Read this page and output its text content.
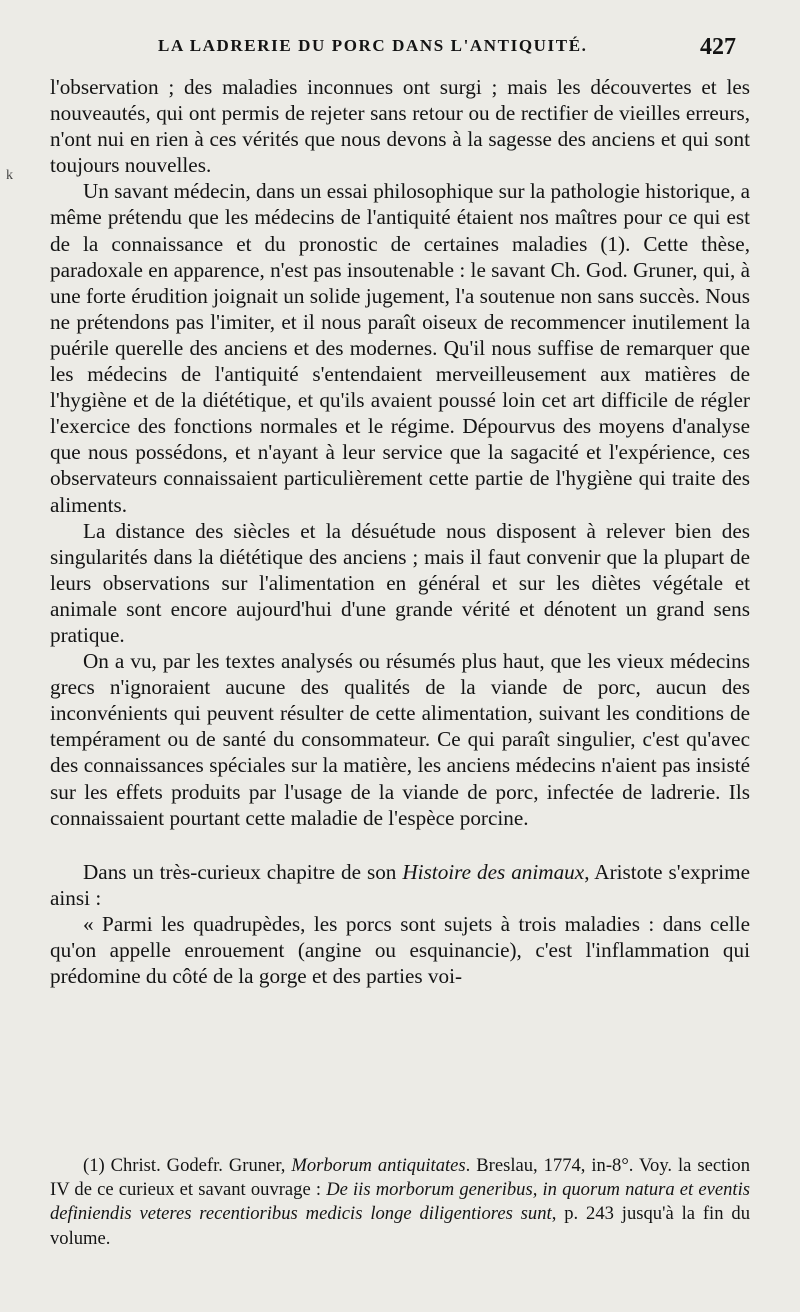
LA LADRERIE DU PORC DANS L'ANTIQUITÉ.	427
k

l'observation ; des maladies inconnues ont surgi ; mais les découvertes et les nouveautés, qui ont permis de rejeter sans retour ou de rectifier de vieilles erreurs, n'ont nui en rien à ces vérités que nous devons à la sagesse des anciens et qui sont toujours nouvelles.

Un savant médecin, dans un essai philosophique sur la pathologie historique, a même prétendu que les médecins de l'antiquité étaient nos maîtres pour ce qui est de la connaissance et du pronostic de certaines maladies (1). Cette thèse, paradoxale en apparence, n'est pas insoutenable : le savant Ch. God. Gruner, qui, à une forte érudition joignait un solide jugement, l'a soutenue non sans succès. Nous ne prétendons pas l'imiter, et il nous paraît oiseux de recommencer inutilement la puérile querelle des anciens et des modernes. Qu'il nous suffise de remarquer que les médecins de l'antiquité s'entendaient merveilleusement aux matières de l'hygiène et de la diététique, et qu'ils avaient poussé loin cet art difficile de régler l'exercice des fonctions normales et le régime. Dépourvus des moyens d'analyse que nous possédons, et n'ayant à leur service que la sagacité et l'expérience, ces observateurs connaissaient particulièrement cette partie de l'hygiène qui traite des aliments.

La distance des siècles et la désuétude nous disposent à relever bien des singularités dans la diététique des anciens ; mais il faut convenir que la plupart de leurs observations sur l'alimentation en général et sur les diètes végétale et animale sont encore aujourd'hui d'une grande vérité et dénotent un grand sens pratique.

On a vu, par les textes analysés ou résumés plus haut, que les vieux médecins grecs n'ignoraient aucune des qualités de la viande de porc, aucun des inconvénients qui peuvent résulter de cette alimentation, suivant les conditions de tempérament ou de santé du consommateur. Ce qui paraît singulier, c'est qu'avec des connaissances spéciales sur la matière, les anciens médecins n'aient pas insisté sur les effets produits par l'usage de la viande de porc, infectée de ladrerie. Ils connaissaient pourtant cette maladie de l'espèce porcine.

Dans un très-curieux chapitre de son Histoire des animaux, Aristote s'exprime ainsi :

« Parmi les quadrupèdes, les porcs sont sujets à trois maladies : dans celle qu'on appelle enrouement (angine ou esquinancie), c'est l'inflammation qui prédomine du côté de la gorge et des parties voi-

(1) Christ. Godefr. Gruner, Morborum antiquitates. Breslau, 1774, in-8°. Voy. la section IV de ce curieux et savant ouvrage : De iis morborum generibus, in quorum natura et eventis definiendis veteres recentioribus medicis longe diligentiores sunt, p. 243 jusqu'à la fin du volume.
